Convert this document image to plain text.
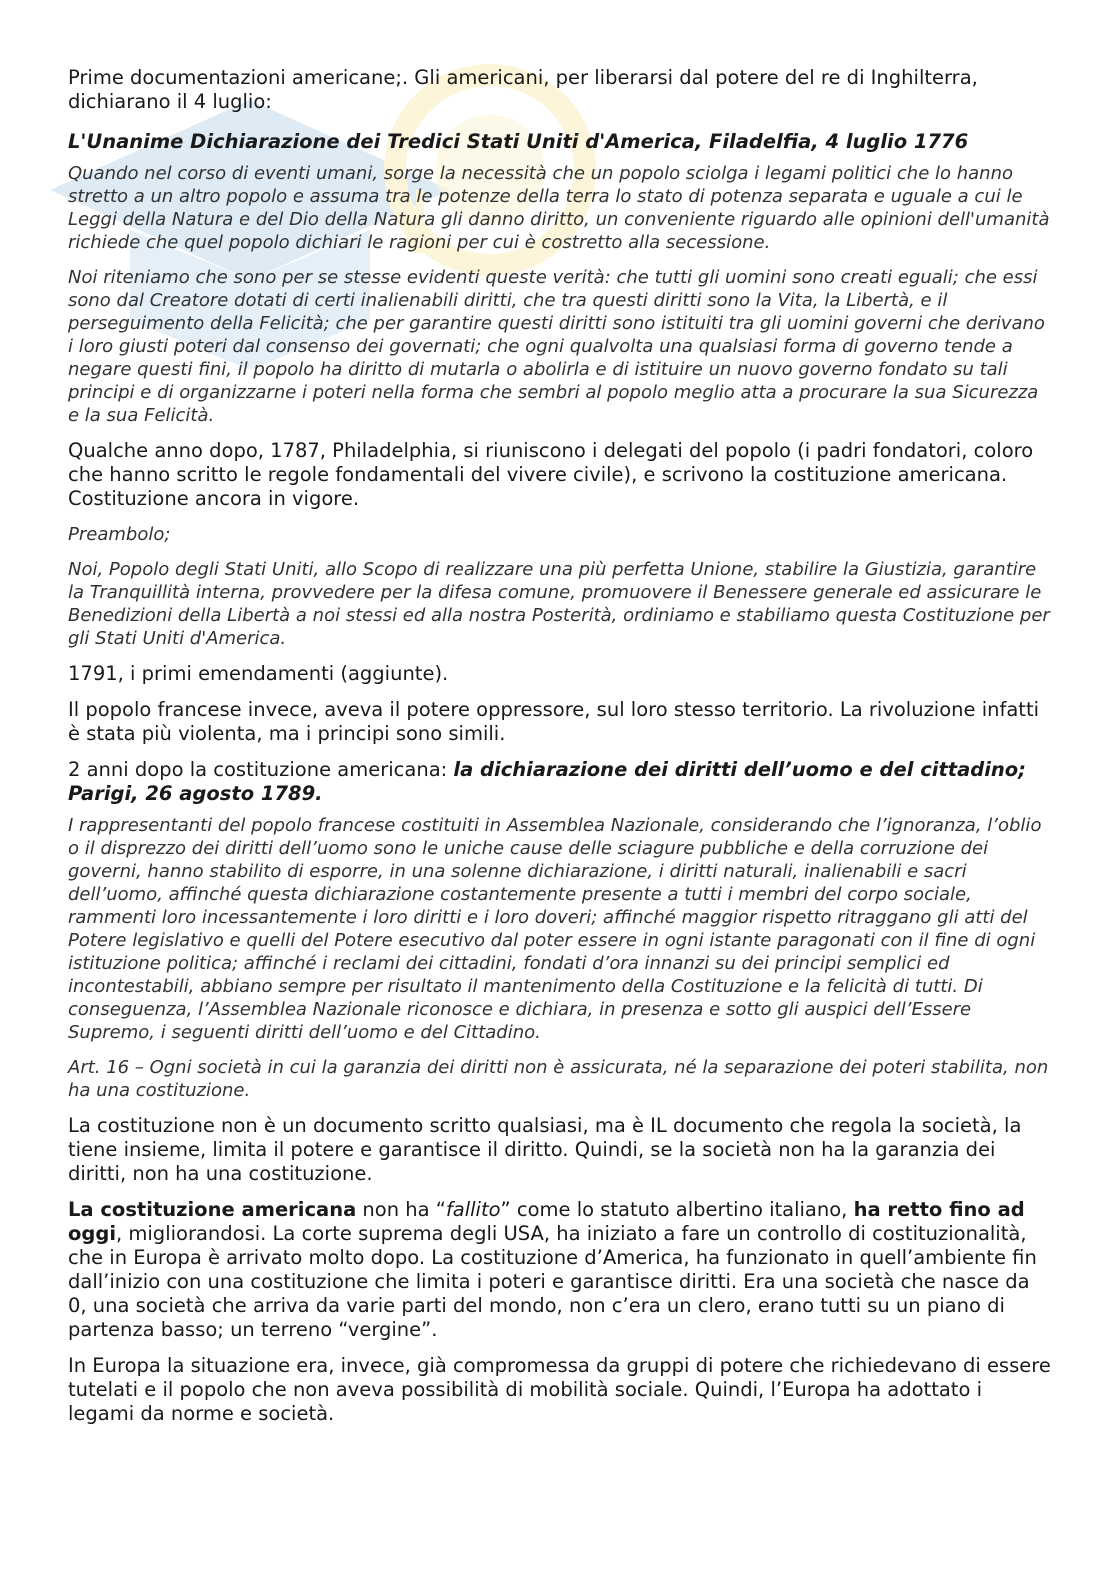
Prime documentazioni americane;. Gli americani, per liberarsi dal potere del re di Inghilterra, dichiarano il 4 luglio:

L'Unanime Dichiarazione dei Tredici Stati Uniti d'America, Filadelfia, 4 luglio 1776

Quando nel corso di eventi umani, sorge la necessità che un popolo sciolga i legami politici che lo hanno stretto a un altro popolo e assuma tra le potenze della terra lo stato di potenza separata e uguale a cui le Leggi della Natura e del Dio della Natura gli danno diritto, un conveniente riguardo alle opinioni dell'umanità richiede che quel popolo dichiari le ragioni per cui è costretto alla secessione.

Noi riteniamo che sono per se stesse evidenti queste verità: che tutti gli uomini sono creati eguali; che essi sono dal Creatore dotati di certi inalienabili diritti, che tra questi diritti sono la Vita, la Libertà, e il perseguimento della Felicità; che per garantire questi diritti sono istituiti tra gli uomini governi che derivano i loro giusti poteri dal consenso dei governati; che ogni qualvolta una qualsiasi forma di governo tende a negare questi fini, il popolo ha diritto di mutarla o abolirla e di istituire un nuovo governo fondato su tali principi e di organizzarne i poteri nella forma che sembri al popolo meglio atta a procurare la sua Sicurezza e la sua Felicità.

Qualche anno dopo, 1787, Philadelphia, si riuniscono i delegati del popolo (i padri fondatori, coloro che hanno scritto le regole fondamentali del vivere civile), e scrivono la costituzione americana. Costituzione ancora in vigore.

Preambolo;

Noi, Popolo degli Stati Uniti, allo Scopo di realizzare una più perfetta Unione, stabilire la Giustizia, garantire la Tranquillità interna, provvedere per la difesa comune, promuovere il Benessere generale ed assicurare le Benedizioni della Libertà a noi stessi ed alla nostra Posterità, ordiniamo e stabiliamo questa Costituzione per gli Stati Uniti d'America.

1791, i primi emendamenti (aggiunte).

Il popolo francese invece, aveva il potere oppressore, sul loro stesso territorio. La rivoluzione infatti è stata più violenta, ma i principi sono simili.

2 anni dopo la costituzione americana: la dichiarazione dei diritti dell’uomo e del cittadino; Parigi, 26 agosto 1789.

I rappresentanti del popolo francese costituiti in Assemblea Nazionale, considerando che l’ignoranza, l’oblio o il disprezzo dei diritti dell’uomo sono le uniche cause delle sciagure pubbliche e della corruzione dei governi, hanno stabilito di esporre, in una solenne dichiarazione, i diritti naturali, inalienabili e sacri dell’uomo, affinché questa dichiarazione costantemente presente a tutti i membri del corpo sociale, rammenti loro incessantemente i loro diritti e i loro doveri; affinché maggior rispetto ritraggano gli atti del Potere legislativo e quelli del Potere esecutivo dal poter essere in ogni istante paragonati con il fine di ogni istituzione politica; affinché i reclami dei cittadini, fondati d’ora innanzi su dei principi semplici ed incontestabili, abbiano sempre per risultato il mantenimento della Costituzione e la felicità di tutti. Di conseguenza, l’Assemblea Nazionale riconosce e dichiara, in presenza e sotto gli auspici dell’Essere Supremo, i seguenti diritti dell’uomo e del Cittadino.

Art. 16 – Ogni società in cui la garanzia dei diritti non è assicurata, né la separazione dei poteri stabilita, non ha una costituzione.

La costituzione non è un documento scritto qualsiasi, ma è IL documento che regola la società, la tiene insieme, limita il potere e garantisce il diritto. Quindi, se la società non ha la garanzia dei diritti, non ha una costituzione.

La costituzione americana non ha “fallito” come lo statuto albertino italiano, ha retto fino ad oggi, migliorandosi. La corte suprema degli USA, ha iniziato a fare un controllo di costituzionalità, che in Europa è arrivato molto dopo. La costituzione d’America, ha funzionato in quell’ambiente fin dall’inizio con una costituzione che limita i poteri e garantisce diritti. Era una società che nasce da 0, una società che arriva da varie parti del mondo, non c’era un clero, erano tutti su un piano di partenza basso; un terreno “vergine”.

In Europa la situazione era, invece, già compromessa da gruppi di potere che richiedevano di essere tutelati e il popolo che non aveva possibilità di mobilità sociale. Quindi, l’Europa ha adottato i legami da norme e società.
